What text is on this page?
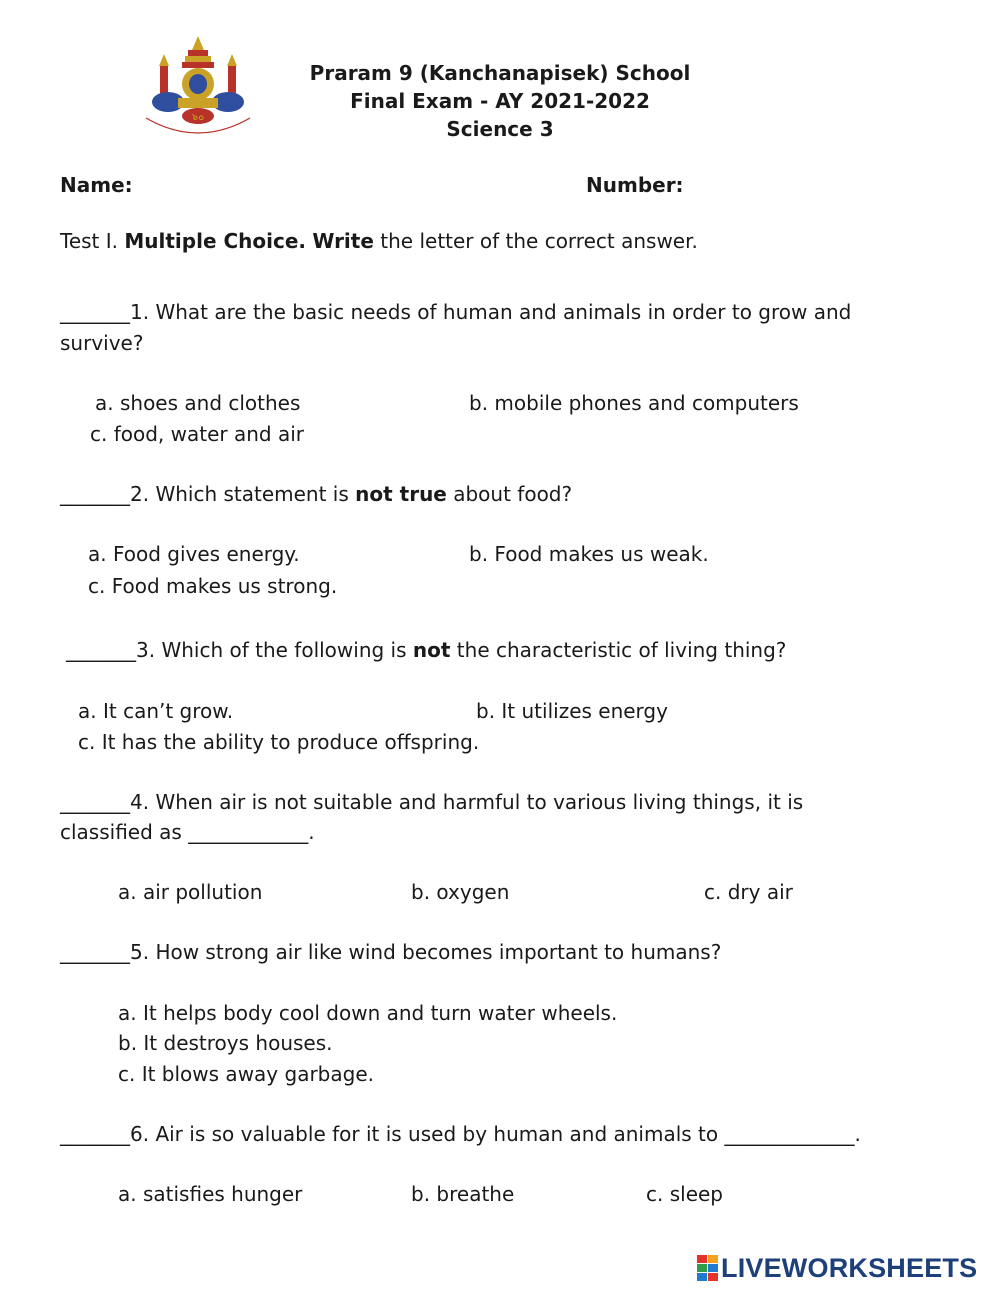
๖๐
Praram 9 (Kanchanapisek) School
Final Exam - AY 2021-2022
Science 3
Name:	Number:
Test I. Multiple Choice. Write the letter of the correct answer.
_______1. What are the basic needs of human and animals in order to grow and
survive?
a. shoes and clothes	b. mobile phones and computers
c. food, water and air
_______2. Which statement is not true about food?
a. Food gives energy.	b. Food makes us weak.
c. Food makes us strong.
_______3. Which of the following is not the characteristic of living thing?
a. It can’t grow.	b. It utilizes energy
c. It has the ability to produce offspring.
_______4. When air is not suitable and harmful to various living things, it is
classified as ____________.
a. air pollution	b. oxygen	c. dry air
_______5. How strong air like wind becomes important to humans?
a. It helps body cool down and turn water wheels.
b. It destroys houses.
c. It blows away garbage.
_______6. Air is so valuable for it is used by human and animals to _____________.
a. satisfies hunger	b. breathe	c. sleep
LIVEWORKSHEETS
